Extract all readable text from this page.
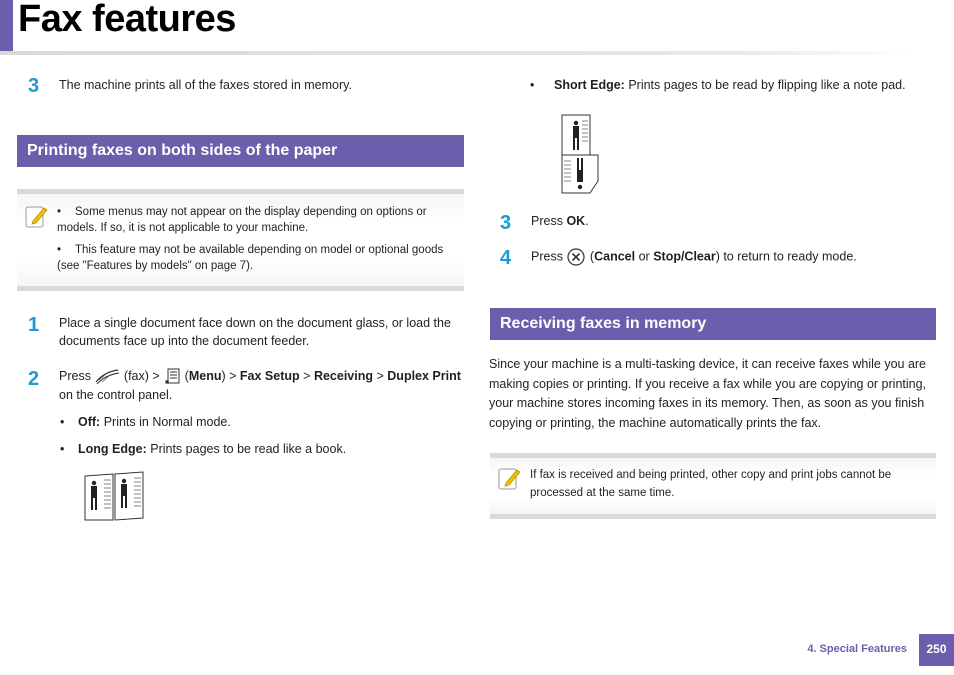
Fax features
3 The machine prints all of the faxes stored in memory.
Printing faxes on both sides of the paper
• Some menus may not appear on the display depending on options or models. If so, it is not applicable to your machine.
• This feature may not be available depending on model or optional goods (see "Features by models" on page 7).
1 Place a single document face down on the document glass, or load the documents face up into the document feeder.
2 Press	(fax) > (Menu) > Fax Setup > Receiving > Duplex Print
on the control panel.
• Off: Prints in Normal mode.
• Long Edge: Prints pages to be read like a book.
• Short Edge: Prints pages to be read by flipping like a note pad.
3 Press OK.
4 Press (Cancel or Stop/Clear) to return to ready mode.
Receiving faxes in memory
Since your machine is a multi-tasking device, it can receive faxes while you are making copies or printing. If you receive a fax while you are copying or printing, your machine stores incoming faxes in its memory. Then, as soon as you finish copying or printing, the machine automatically prints the fax.
If fax is received and being printed, other copy and print jobs cannot be processed at the same time.
4. Special Features	250
